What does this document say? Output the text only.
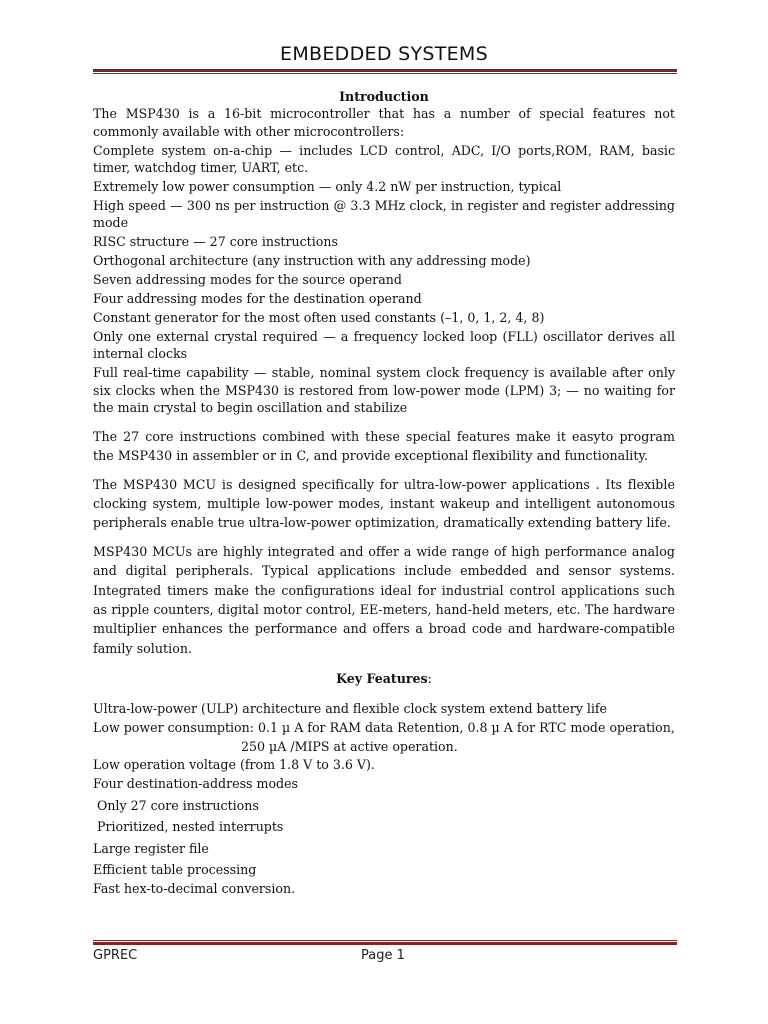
EMBEDDED SYSTEMS
Introduction
The MSP430 is a 16-bit microcontroller that has a number of special features not commonly available with other microcontrollers:
Complete system on-a-chip — includes LCD control, ADC, I/O ports,ROM, RAM, basic timer, watchdog timer, UART, etc.
Extremely low power consumption — only 4.2 nW per instruction, typical
High speed — 300 ns per instruction @ 3.3 MHz clock, in register and register addressing mode
RISC structure — 27 core instructions
Orthogonal architecture (any instruction with any addressing mode)
Seven addressing modes for the source operand
Four addressing modes for the destination operand
Constant generator for the most often used constants (–1, 0, 1, 2, 4, 8)
Only one external crystal required — a frequency locked loop (FLL) oscillator derives all internal clocks
Full real-time capability — stable, nominal system clock frequency is available after only six clocks when the MSP430 is restored from low-power mode (LPM) 3; — no waiting for the main crystal to begin oscillation and stabilize
The 27 core instructions combined with these special features make it easyto program the MSP430 in assembler or in C, and provide exceptional flexibility and functionality.
The MSP430 MCU is designed specifically for ultra-low-power applications . Its flexible clocking system, multiple low-power modes, instant wakeup and intelligent autonomous peripherals enable true ultra-low-power optimization, dramatically extending battery life.
MSP430 MCUs are highly integrated and offer a wide range of high performance analog and digital peripherals. Typical applications include embedded and sensor systems. Integrated timers make the configurations ideal for industrial control applications such as ripple counters, digital motor control, EE-meters, hand-held meters, etc. The hardware multiplier enhances the performance and offers a broad code and hardware-compatible family solution.
Key Features:
Ultra-low-power (ULP) architecture and flexible clock system extend battery life
Low power consumption: 0.1 µ A for RAM data Retention, 0.8 µ A for RTC mode operation,
250 µA /MIPS at active operation.
Low operation voltage (from 1.8 V to 3.6 V).
Four destination-address modes
Only 27 core instructions
Prioritized, nested interrupts
Large register file
Efficient table processing
Fast hex-to-decimal conversion.
GPREC	Page 1
